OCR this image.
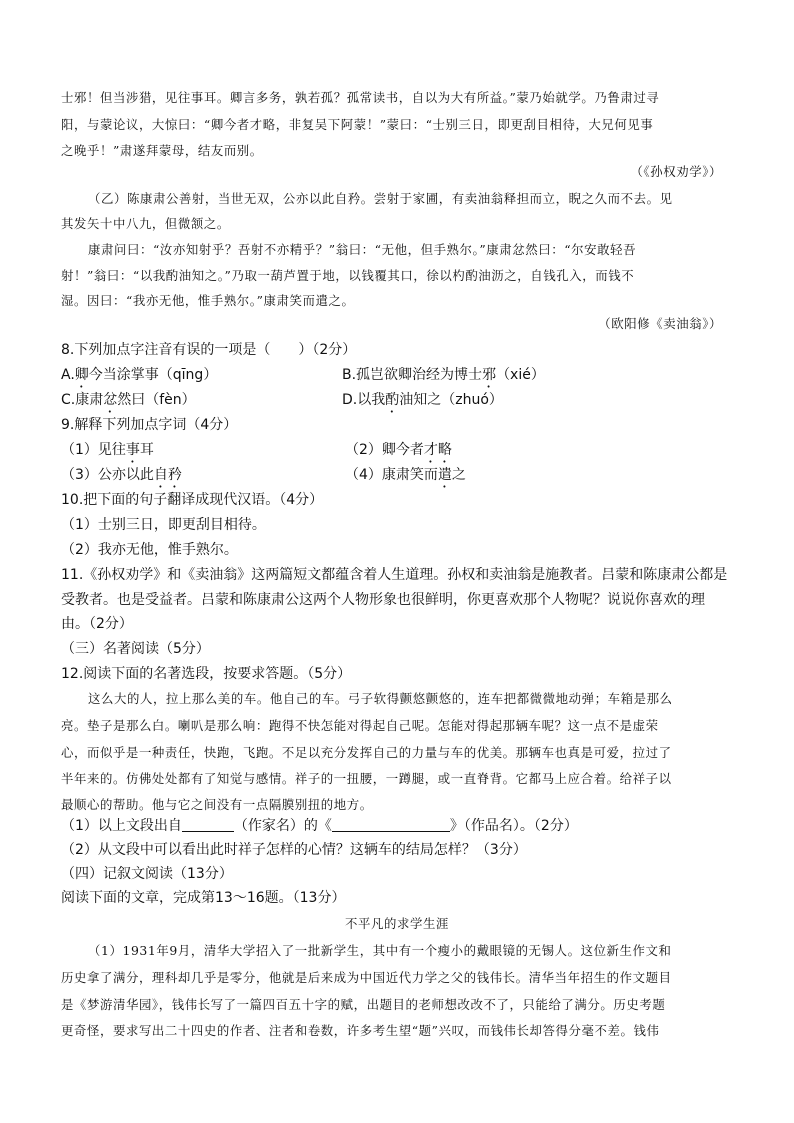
士邪！但当涉猎，见往事耳。卿言多务，孰若孤？孤常读书，自以为大有所益。”蒙乃始就学。乃鲁肃过寻
阳，与蒙论议，大惊曰：“卿今者才略，非复吴下阿蒙！”蒙曰：“士别三日，即更刮目相待，大兄何见事
之晚乎！”肃遂拜蒙母，结友而别。
（《孙权劝学》）
（乙）陈康肃公善射，当世无双，公亦以此自矜。尝射于家圃，有卖油翁释担而立，睨之久而不去。见
其发矢十中八九，但微颔之。
康肃问曰：“汝亦知射乎？吾射不亦精乎？”翁曰：“无他，但手熟尔。”康肃忿然曰：“尔安敢轻吾
射！”翁曰：“以我酌油知之。”乃取一葫芦置于地，以钱覆其口，徐以杓酌油沥之，自钱孔入，而钱不
湿。因曰：“我亦无他，惟手熟尔。”康肃笑而遣之。
（欧阳修《卖油翁》）
8.下列加点字注音有误的一项是（　　）（2分）
A.卿今当涂掌事（qīng）	B.孤岂欲卿治经为博士邪（xié）
C.康肃忿然曰（fèn）	D.以我酌油知之（zhuó）
9.解释下列加点字词（4分）
（1）见往事耳	（2）卿今者才略
（3）公亦以此自矜	（4）康肃笑而遣之
10.把下面的句子翻译成现代汉语。（4分）
（1）士别三日，即更刮目相待。
（2）我亦无他，惟手熟尔。
11.《孙权劝学》和《卖油翁》这两篇短文都蕴含着人生道理。孙权和卖油翁是施教者。吕蒙和陈康肃公都是
受教者。也是受益者。吕蒙和陈康肃公这两个人物形象也很鲜明，你更喜欢那个人物呢？说说你喜欢的理
由。（2分）
（三）名著阅读（5分）
12.阅读下面的名著选段，按要求答题。（5分）
这么大的人，拉上那么美的车。他自己的车。弓子软得颤悠颤悠的，连车把都微微地动弹；车箱是那么
亮。垫子是那么白。喇叭是那么响：跑得不快怎能对得起自己呢。怎能对得起那辆车呢？这一点不是虚荣
心，而似乎是一种责任，快跑，飞跑。不足以充分发挥自己的力量与车的优美。那辆车也真是可爱，拉过了
半年来的。仿佛处处都有了知觉与感情。祥子的一扭腰，一蹲腿，或一直脊背。它都马上应合着。给祥子以
最顺心的帮助。他与它之间没有一点隔膜别扭的地方。
（1）以上文段出自	（作家名）的《	》（作品名）。（2分）
（2）从文段中可以看出此时祥子怎样的心情？这辆车的结局怎样？（3分）
（四）记叙文阅读（13分）
阅读下面的文章，完成第13～16题。（13分）
不平凡的求学生涯
（1）1931年9月，清华大学招入了一批新学生，其中有一个瘦小的戴眼镜的无锡人。这位新生作文和
历史拿了满分，理科却几乎是零分，他就是后来成为中国近代力学之父的钱伟长。清华当年招生的作文题目
是《梦游清华园》，钱伟长写了一篇四百五十字的赋，出题目的老师想改改不了，只能给了满分。历史考题
更奇怪，要求写出二十四史的作者、注者和卷数，许多考生望“题”兴叹，而钱伟长却答得分毫不差。钱伟
